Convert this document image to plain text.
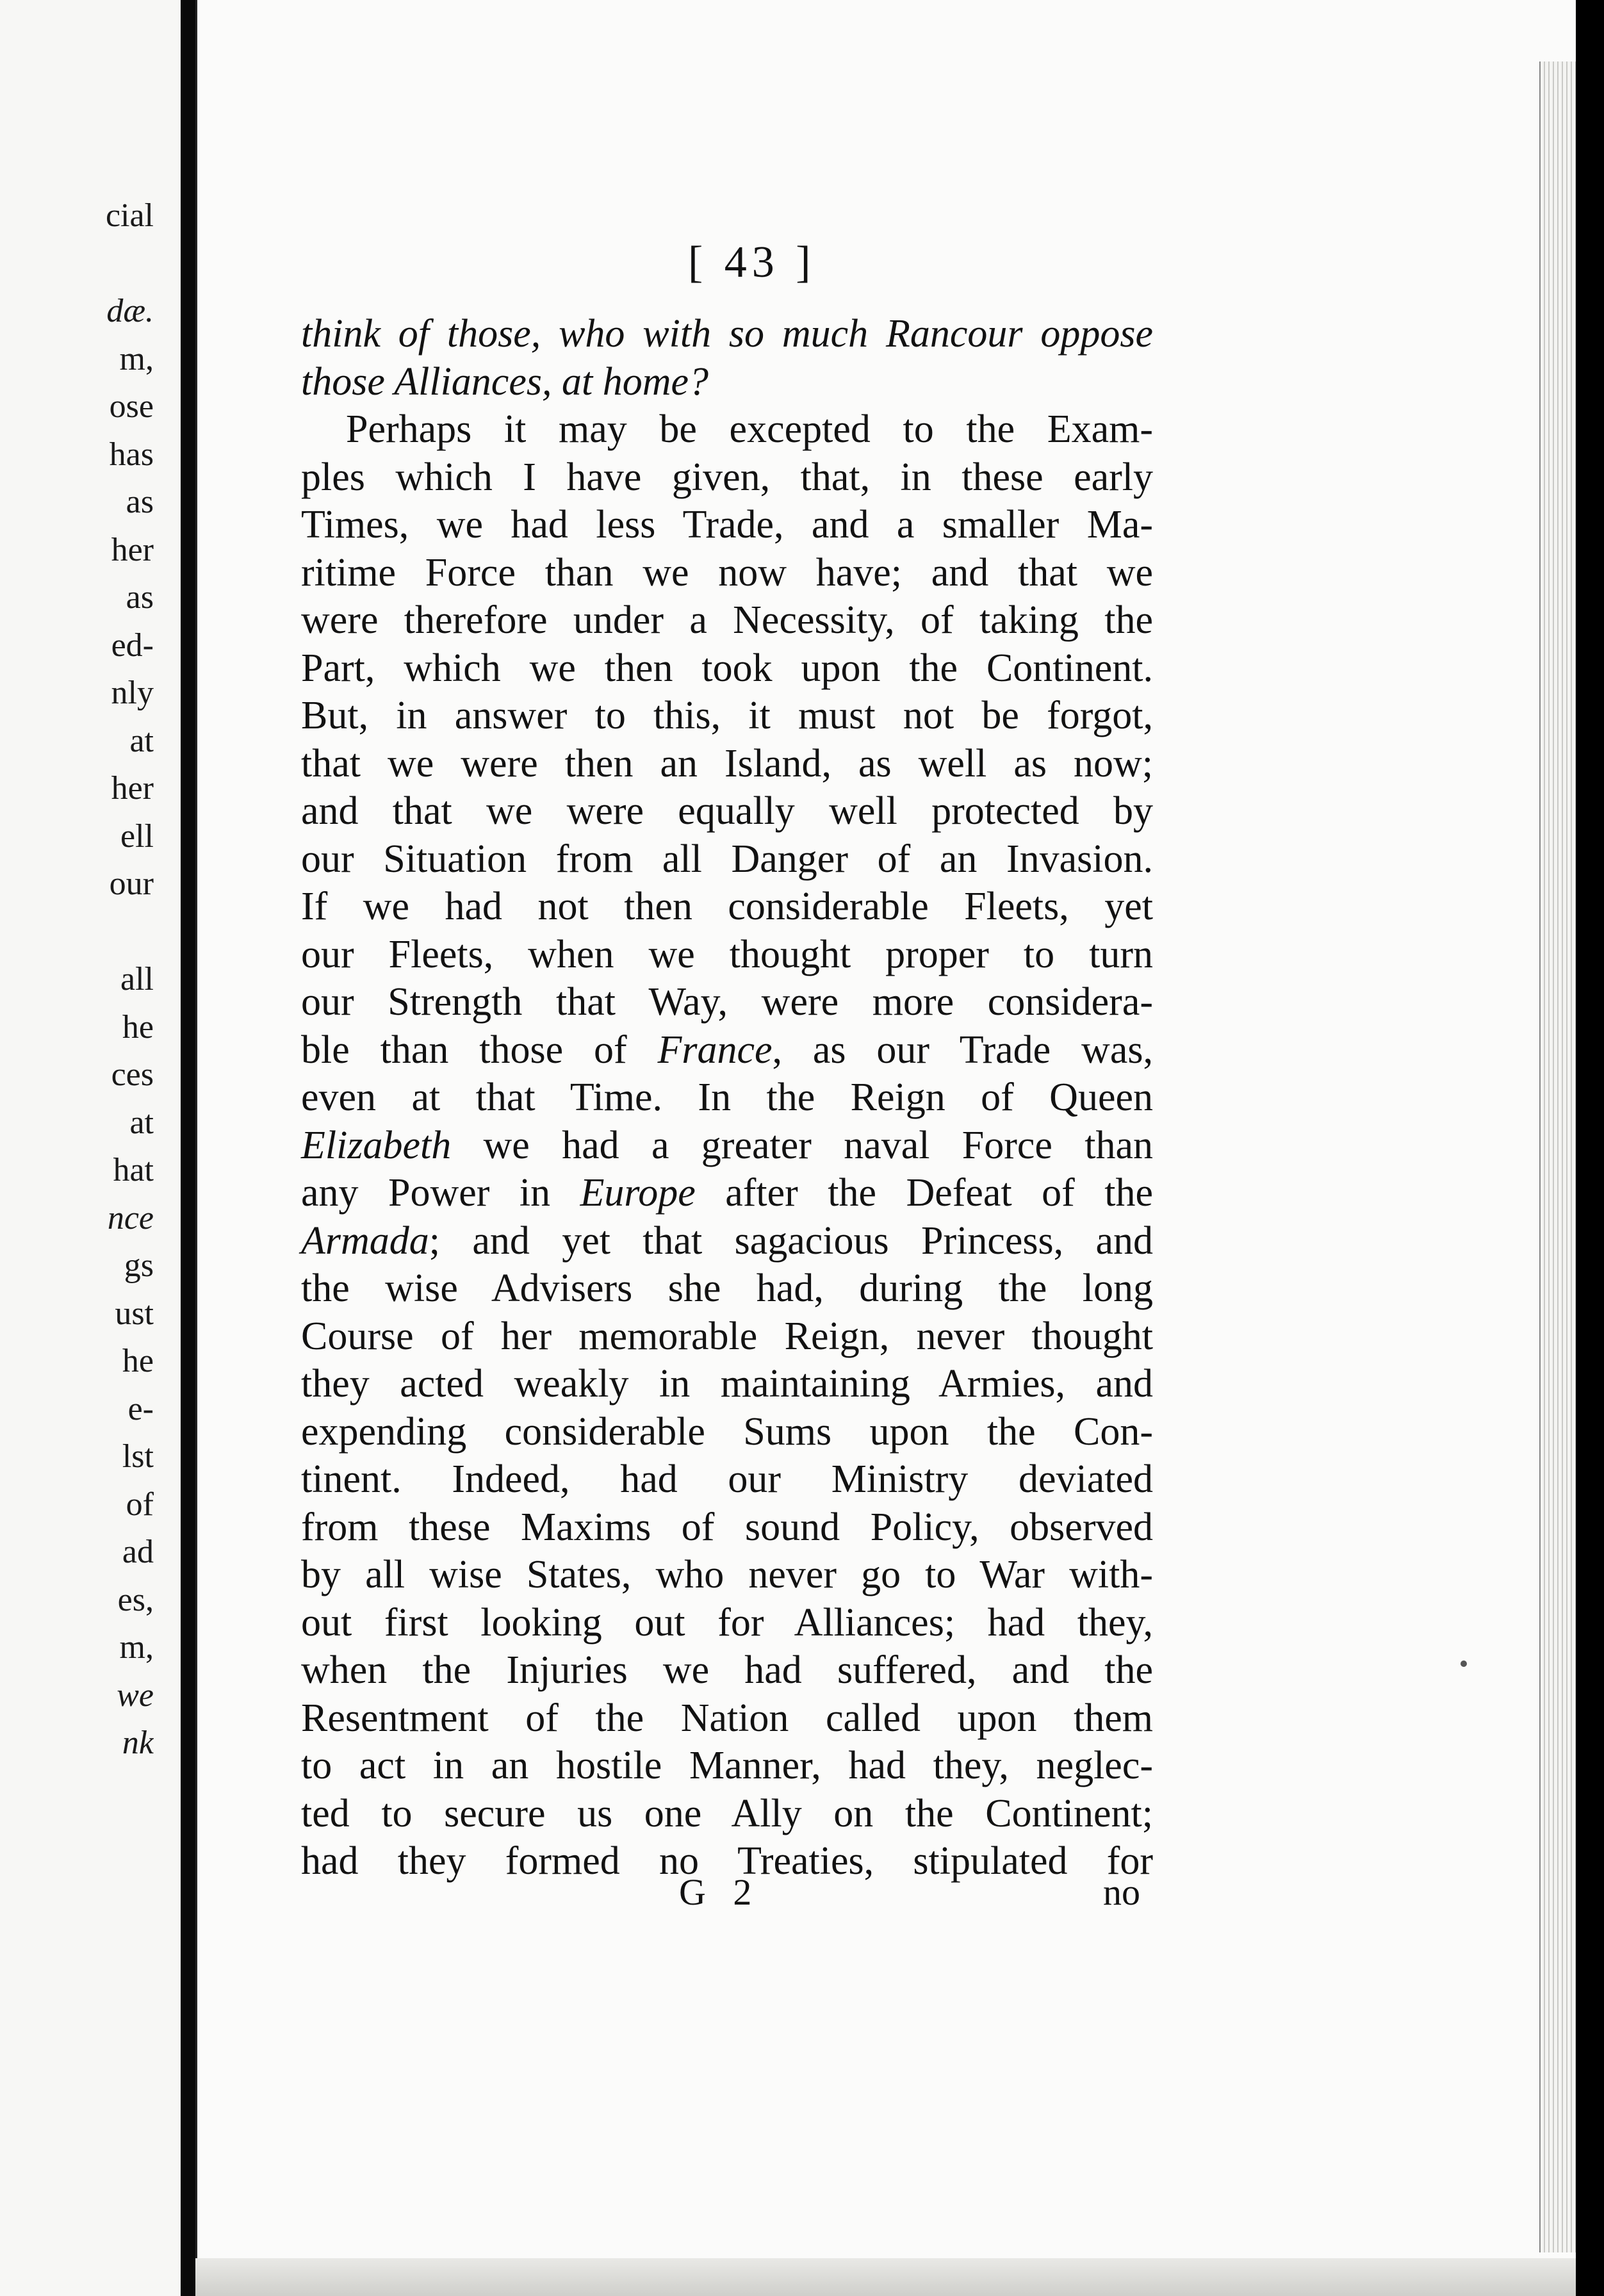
cial
dæ.
m,
ose
has
as
her
as
ed-
nly
at
her
ell
our
all
he
ces
at
hat
nce
gs
ust
he
e-
lst
of
ad
es,
m,
we
nk
[ 43 ]
think of those, who with so much Rancour oppose
those Alliances, at home?
Perhaps it may be excepted to the Exam-
ples which I have given, that, in these early
Times, we had less Trade, and a smaller Ma-
ritime Force than we now have; and that we
were therefore under a Necessity, of taking the
Part, which we then took upon the Continent.
But, in answer to this, it must not be forgot,
that we were then an Island, as well as now;
and that we were equally well protected by
our Situation from all Danger of an Invasion.
If we had not then considerable Fleets, yet
our Fleets, when we thought proper to turn
our Strength that Way, were more considera-
ble than those of France, as our Trade was,
even at that Time. In the Reign of Queen
Elizabeth we had a greater naval Force than
any Power in Europe after the Defeat of the
Armada; and yet that sagacious Princess, and
the wise Advisers she had, during the long
Course of her memorable Reign, never thought
they acted weakly in maintaining Armies, and
expending considerable Sums upon the Con-
tinent. Indeed, had our Ministry deviated
from these Maxims of sound Policy, observed
by all wise States, who never go to War with-
out first looking out for Alliances; had they,
when the Injuries we had suffered, and the
Resentment of the Nation called upon them
to act in an hostile Manner, had they, neglec-
ted to secure us one Ally on the Continent;
had they formed no Treaties, stipulated for
G 2	no
